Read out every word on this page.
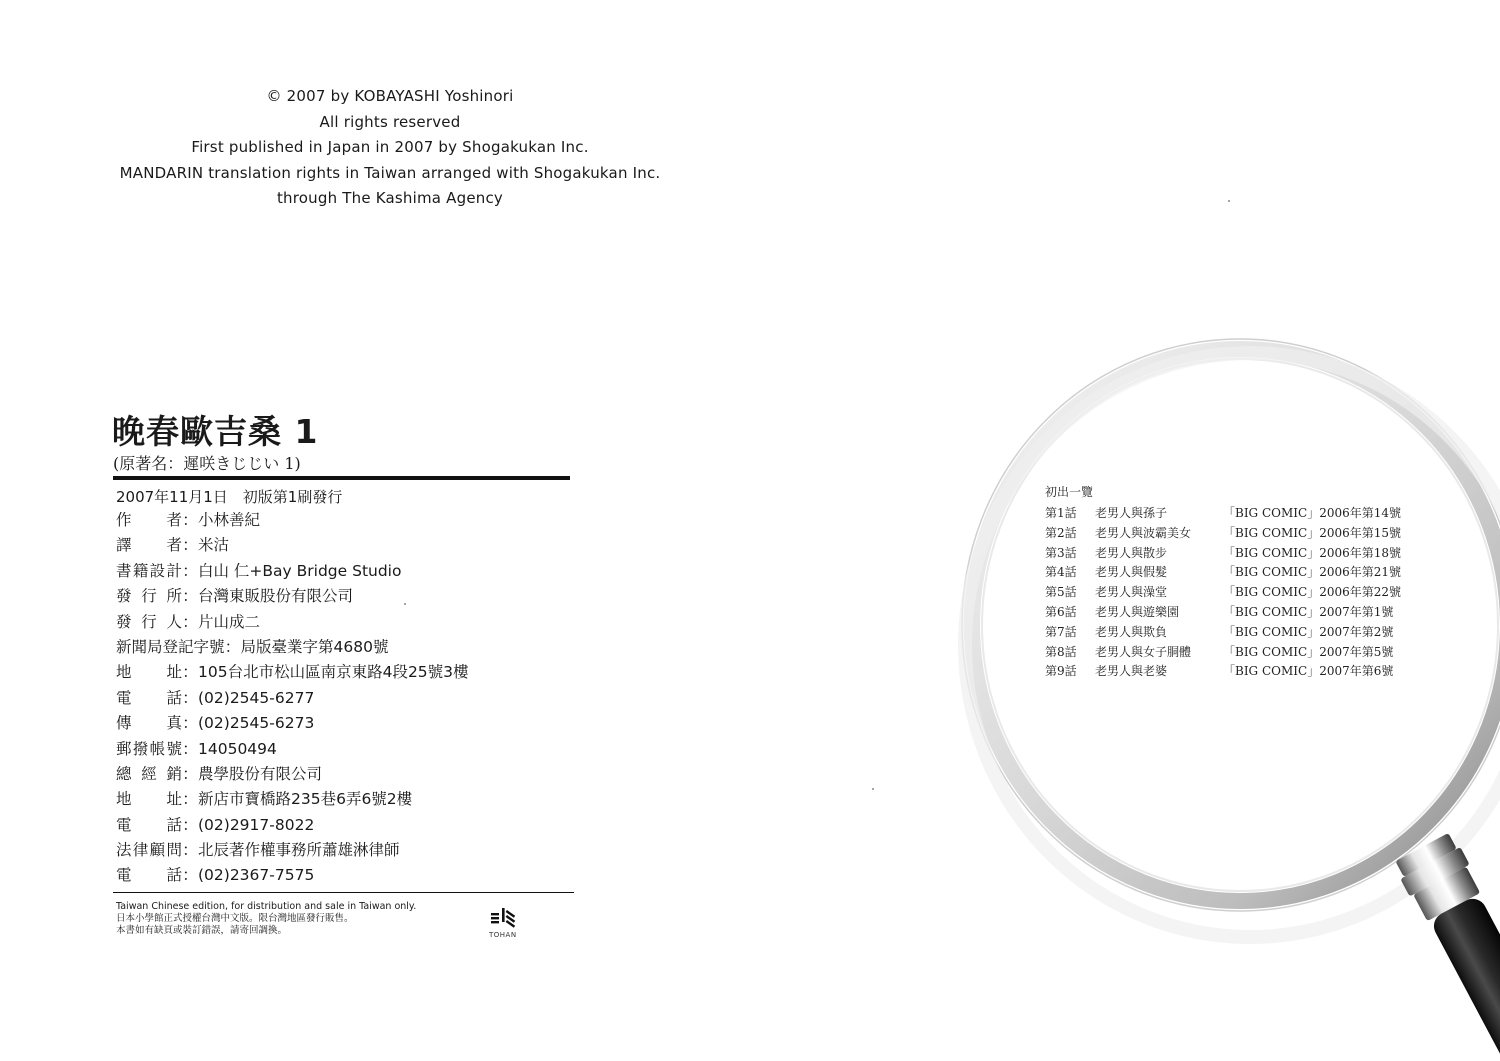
© 2007 by KOBAYASHI Yoshinori
All rights reserved
First published in Japan in 2007 by Shogakukan Inc.
MANDARIN translation rights in Taiwan arranged with Shogakukan Inc.
through The Kashima Agency
晚春歐吉桑 1
(原著名：遲咲きじじい 1)
2007年11月1日　初版第1刷發行
作者 ： 小林善紀
譯者 ： 米沽
書籍設計 ： 白山 仁+Bay Bridge Studio
發行所 ： 台灣東販股份有限公司
發行人 ： 片山成二
新聞局登記字號 ： 局版臺業字第4680號
地址 ： 105台北市松山區南京東路4段25號3樓
電話 ： (02)2545-6277
傳真 ： (02)2545-6273
郵撥帳號 ： 14050494
總經銷 ： 農學股份有限公司
地址 ： 新店市寶橋路235巷6弄6號2樓
電話 ： (02)2917-8022
法律顧問 ： 北辰著作權事務所蕭雄淋律師
電話 ： (02)2367-7575
Taiwan Chinese edition, for distribution and sale in Taiwan only.
日本小學館正式授權台灣中文版。限台灣地區發行販售。
本書如有缺頁或裝訂錯誤，請寄回調換。	TOHAN
初出一覽
第1話	老男人與孫子	「BIG COMIC」2006年第14號
第2話	老男人與波霸美女	「BIG COMIC」2006年第15號
第3話	老男人與散步	「BIG COMIC」2006年第18號
第4話	老男人與假髮	「BIG COMIC」2006年第21號
第5話	老男人與澡堂	「BIG COMIC」2006年第22號
第6話	老男人與遊樂園	「BIG COMIC」2007年第1號
第7話	老男人與欺負	「BIG COMIC」2007年第2號
第8話	老男人與女子胴體	「BIG COMIC」2007年第5號
第9話	老男人與老婆	「BIG COMIC」2007年第6號
